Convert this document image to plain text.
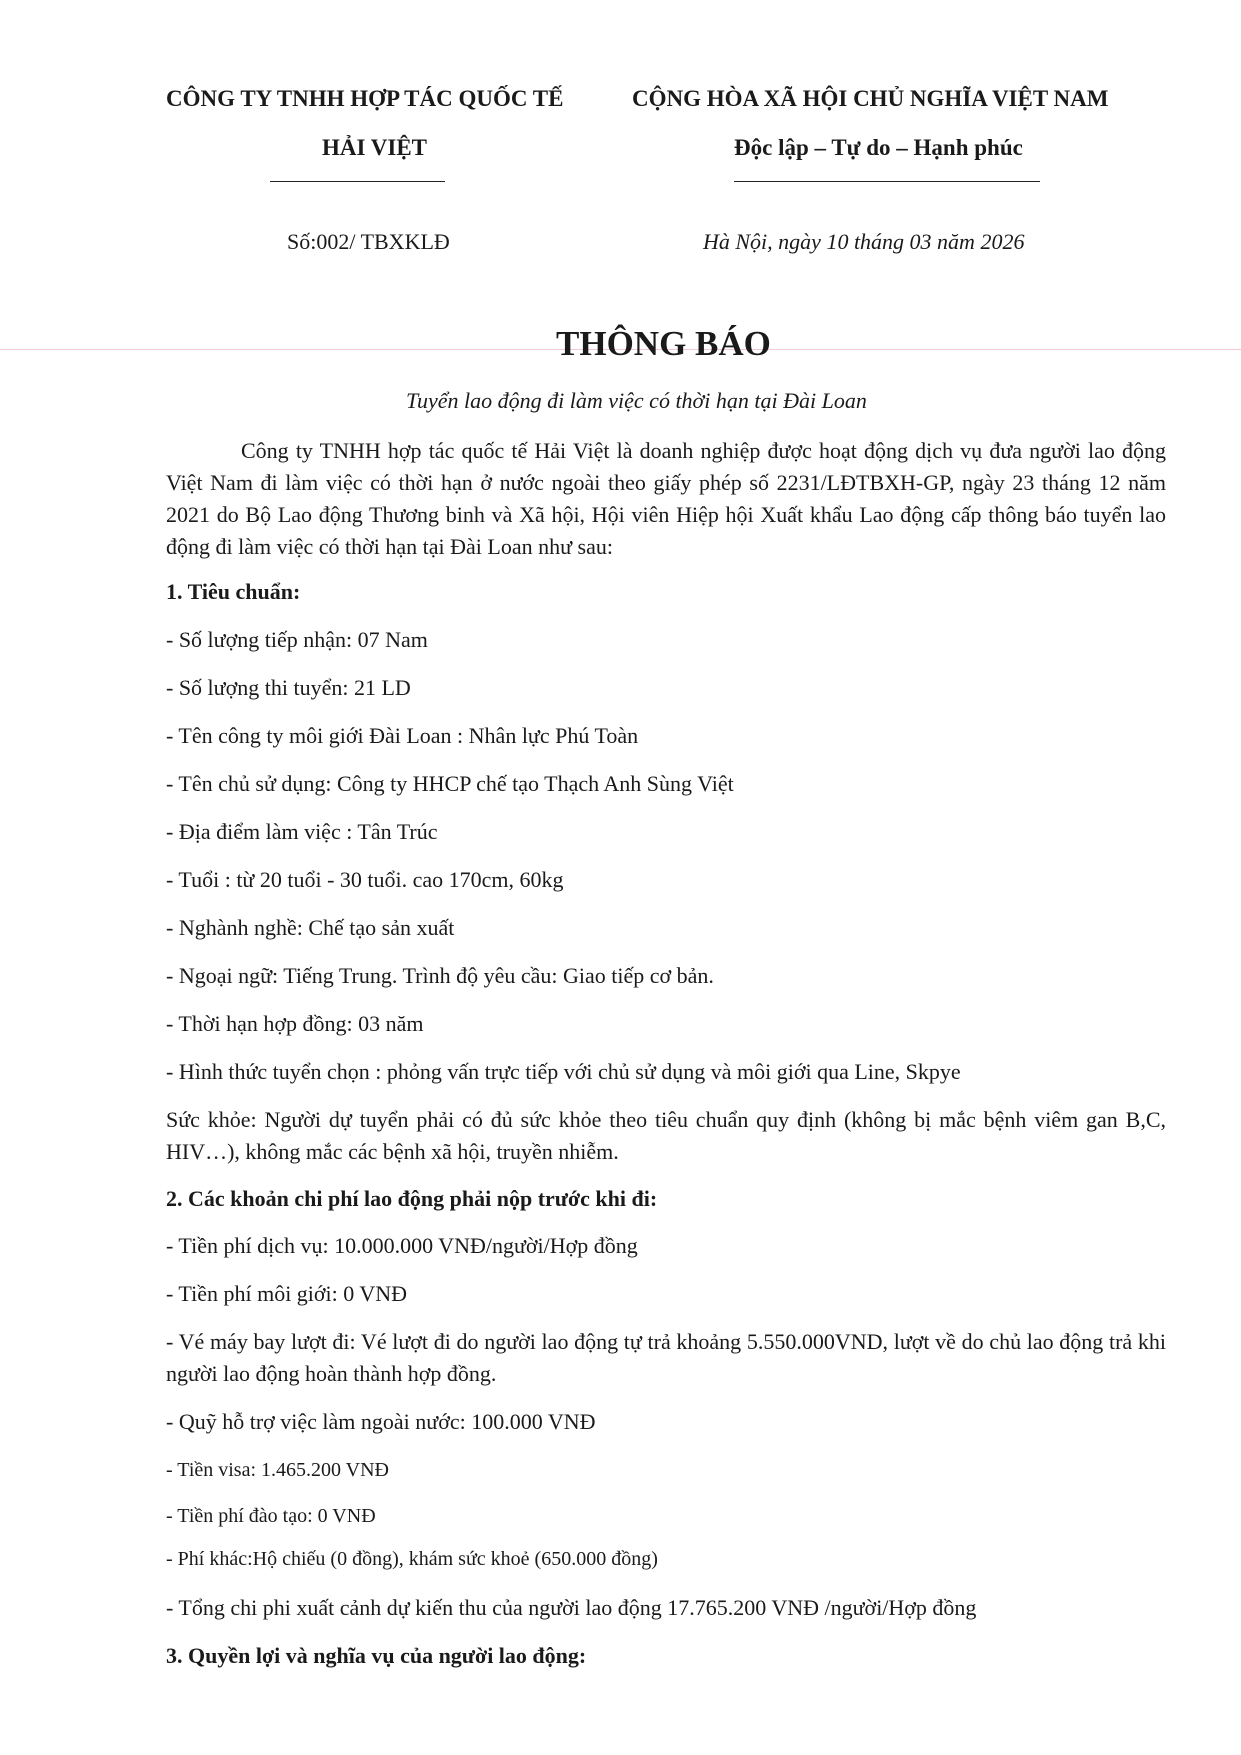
CÔNG TY TNHH HỢP TÁC QUỐC TẾ
HẢI VIỆT
CỘNG HÒA XÃ HỘI CHỦ NGHĨA VIỆT NAM
Độc lập – Tự do – Hạnh phúc
Số:002/ TBXKLĐ	Hà Nội, ngày 10 tháng 03 năm 2026
THÔNG BÁO
Tuyển lao động đi làm việc có thời hạn tại Đài Loan
Công ty TNHH hợp tác quốc tế Hải Việt là doanh nghiệp được hoạt động dịch vụ đưa người lao động Việt Nam đi làm việc có thời hạn ở nước ngoài theo giấy phép số 2231/LĐTBXH-GP, ngày 23 tháng 12 năm 2021 do Bộ Lao động Thương binh và Xã hội, Hội viên Hiệp hội Xuất khẩu Lao động cấp thông báo tuyển lao động đi làm việc có thời hạn tại Đài Loan như sau:
1. Tiêu chuẩn:
- Số lượng tiếp nhận: 07 Nam
- Số lượng thi tuyển: 21 LD
- Tên công ty môi giới Đài Loan : Nhân lực Phú Toàn
- Tên chủ sử dụng: Công ty HHCP chế tạo Thạch Anh Sùng Việt
- Địa điểm làm việc : Tân Trúc
- Tuổi : từ 20 tuổi - 30 tuổi. cao 170cm, 60kg
- Nghành nghề: Chế tạo sản xuất
- Ngoại ngữ: Tiếng Trung. Trình độ yêu cầu: Giao tiếp cơ bản.
- Thời hạn hợp đồng: 03 năm
- Hình thức tuyển chọn : phỏng vấn trực tiếp với chủ sử dụng và môi giới qua Line, Skpye
Sức khỏe: Người dự tuyển phải có đủ sức khỏe theo tiêu chuẩn quy định (không bị mắc bệnh viêm gan B,C, HIV…), không mắc các bệnh xã hội, truyền nhiễm.
2. Các khoản chi phí lao động phải nộp trước khi đi:
- Tiền phí dịch vụ: 10.000.000 VNĐ/người/Hợp đồng
- Tiền phí môi giới: 0 VNĐ
- Vé máy bay lượt đi: Vé lượt đi do người lao động tự trả khoảng 5.550.000VND, lượt về do chủ lao động trả khi người lao động hoàn thành hợp đồng.
- Quỹ hỗ trợ việc làm ngoài nước: 100.000 VNĐ
- Tiền visa: 1.465.200 VNĐ
- Tiền phí đào tạo: 0 VNĐ
- Phí khác:Hộ chiếu (0 đồng), khám sức khoẻ (650.000 đồng)
- Tổng chi phi xuất cảnh dự kiến thu của người lao động 17.765.200 VNĐ /người/Hợp đồng
3. Quyền lợi và nghĩa vụ của người lao động:
